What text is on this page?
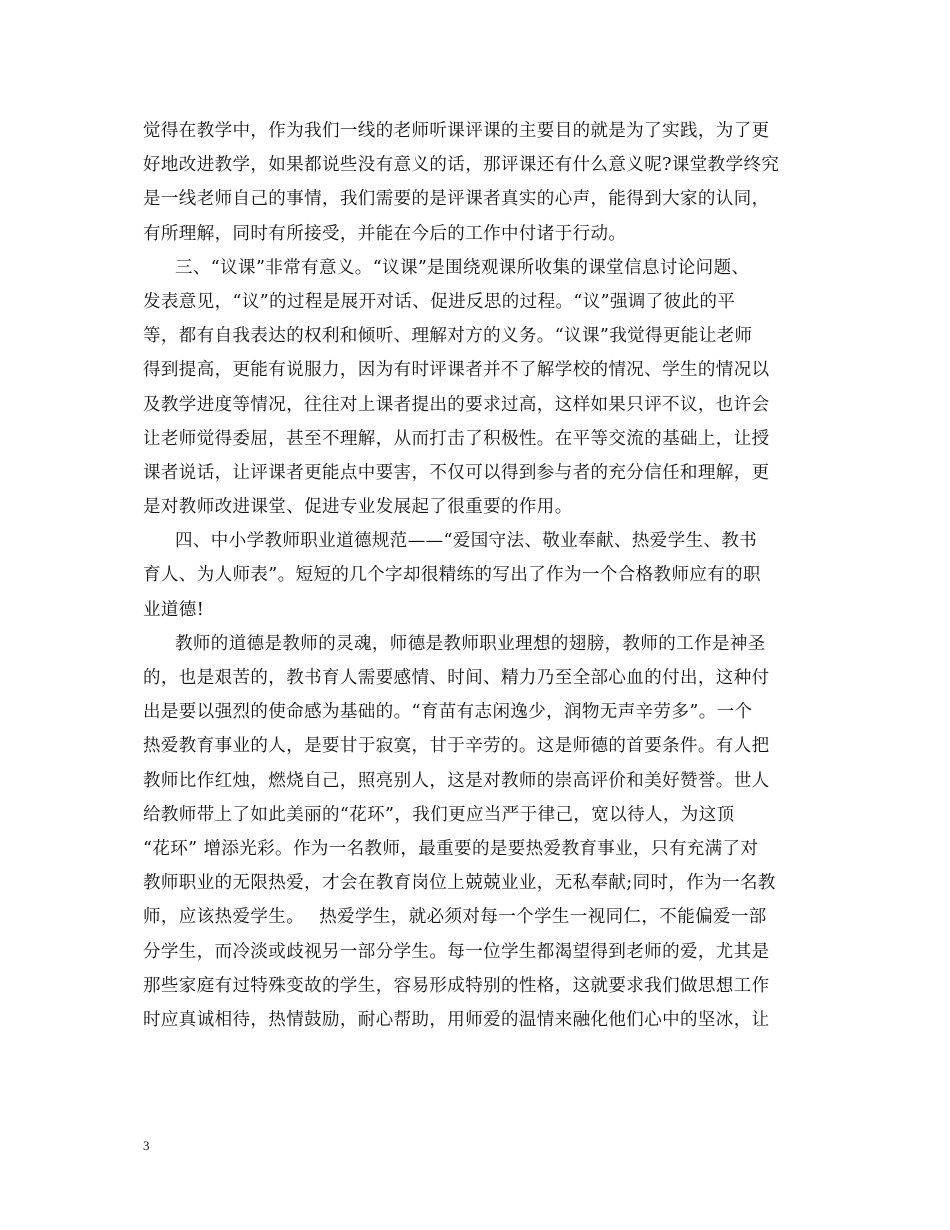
觉得在教学中，作为我们一线的老师听课评课的主要目的就是为了实践，为了更
好地改进教学，如果都说些没有意义的话，那评课还有什么意义呢?课堂教学终究
是一线老师自己的事情，我们需要的是评课者真实的心声，能得到大家的认同，
有所理解，同时有所接受，并能在今后的工作中付诸于行动。
三、“议课”非常有意义。“议课”是围绕观课所收集的课堂信息讨论问题、
发表意见，“议”的过程是展开对话、促进反思的过程。“议”强调了彼此的平
等，都有自我表达的权利和倾听、理解对方的义务。“议课”我觉得更能让老师
得到提高，更能有说服力，因为有时评课者并不了解学校的情况、学生的情况以
及教学进度等情况，往往对上课者提出的要求过高，这样如果只评不议，也许会
让老师觉得委屈，甚至不理解，从而打击了积极性。在平等交流的基础上，让授
课者说话，让评课者更能点中要害，不仅可以得到参与者的充分信任和理解，更
是对教师改进课堂、促进专业发展起了很重要的作用。
四、中小学教师职业道德规范——“爱国守法、敬业奉献、热爱学生、教书
育人、为人师表”。短短的几个字却很精练的写出了作为一个合格教师应有的职
业道德!
教师的道德是教师的灵魂，师德是教师职业理想的翅膀，教师的工作是神圣
的，也是艰苦的，教书育人需要感情、时间、精力乃至全部心血的付出，这种付
出是要以强烈的使命感为基础的。“育苗有志闲逸少，润物无声辛劳多”。一个
热爱教育事业的人，是要甘于寂寞，甘于辛劳的。这是师德的首要条件。有人把
教师比作红烛，燃烧自己，照亮别人，这是对教师的崇高评价和美好赞誉。世人
给教师带上了如此美丽的“花环”，我们更应当严于律己，宽以待人，为这顶
“花环” 增添光彩。作为一名教师，最重要的是要热爱教育事业，只有充满了对
教师职业的无限热爱，才会在教育岗位上兢兢业业，无私奉献;同时，作为一名教
师，应该热爱学生。　 热爱学生，就必须对每一个学生一视同仁，不能偏爱一部
分学生，而冷淡或歧视另一部分学生。每一位学生都渴望得到老师的爱，尤其是
那些家庭有过特殊变故的学生，容易形成特别的性格，这就要求我们做思想工作
时应真诚相待，热情鼓励，耐心帮助，用师爱的温情来融化他们心中的坚冰，让
3
